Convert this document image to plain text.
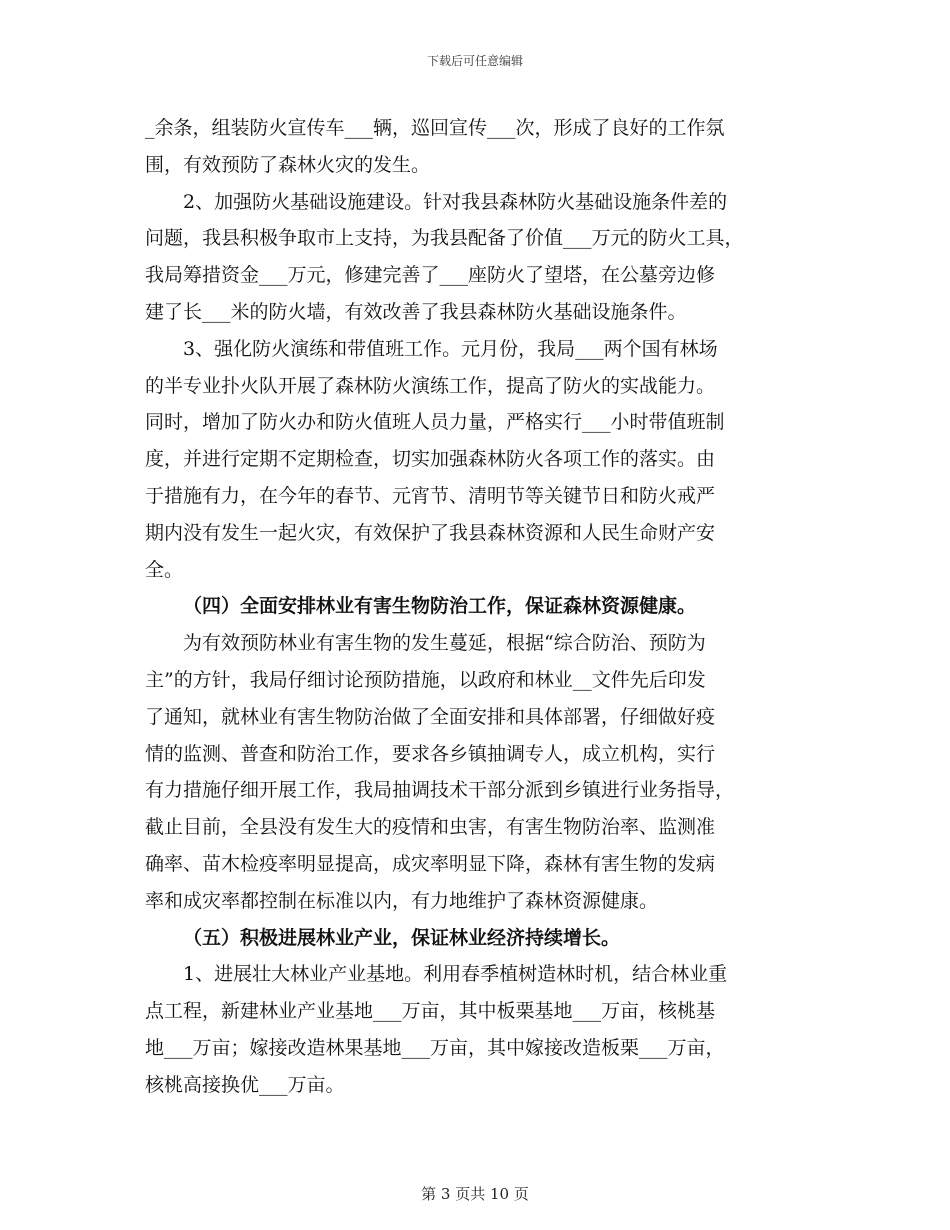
下载后可任意编辑
_余条，组装防火宣传车___辆，巡回宣传___次，形成了良好的工作氛
围，有效预防了森林火灾的发生。
2、加强防火基础设施建设。针对我县森林防火基础设施条件差的
问题，我县积极争取市上支持，为我县配备了价值___万元的防火工具，
我局筹措资金___万元，修建完善了___座防火了望塔，在公墓旁边修
建了长___米的防火墙，有效改善了我县森林防火基础设施条件。
3、强化防火演练和带值班工作。元月份，我局___两个国有林场
的半专业扑火队开展了森林防火演练工作，提高了防火的实战能力。
同时，增加了防火办和防火值班人员力量，严格实行___小时带值班制
度，并进行定期不定期检查，切实加强森林防火各项工作的落实。由
于措施有力，在今年的春节、元宵节、清明节等关键节日和防火戒严
期内没有发生一起火灾，有效保护了我县森林资源和人民生命财产安
全。
（四）全面安排林业有害生物防治工作，保证森林资源健康。
为有效预防林业有害生物的发生蔓延，根据“综合防治、预防为
主”的方针，我局仔细讨论预防措施，以政府和林业__文件先后印发
了通知，就林业有害生物防治做了全面安排和具体部署，仔细做好疫
情的监测、普查和防治工作，要求各乡镇抽调专人，成立机构，实行
有力措施仔细开展工作，我局抽调技术干部分派到乡镇进行业务指导，
截止目前，全县没有发生大的疫情和虫害，有害生物防治率、监测准
确率、苗木检疫率明显提高，成灾率明显下降，森林有害生物的发病
率和成灾率都控制在标准以内，有力地维护了森林资源健康。
（五）积极进展林业产业，保证林业经济持续增长。
1、进展壮大林业产业基地。利用春季植树造林时机，结合林业重
点工程，新建林业产业基地___万亩，其中板栗基地___万亩，核桃基
地___万亩；嫁接改造林果基地___万亩，其中嫁接改造板栗___万亩，
核桃高接换优___万亩。
第 3 页共 10 页
